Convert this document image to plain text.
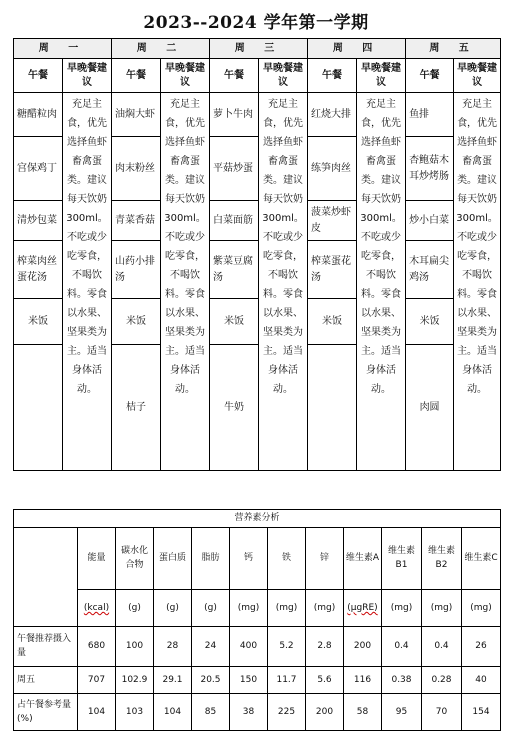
2023--2024 学年第一学期
周 一		周 二		周 三		周 四		周 五	
午餐	早晚餐建议	午餐	早晚餐建议	午餐	早晚餐建议	午餐	早晚餐建议	午餐	早晚餐建议
糖醋粒肉	充足主食，优先选择鱼虾畜禽蛋类。建议每天饮奶300ml。不吃或少吃零食，不喝饮料。零食以水果、坚果类为主。适当身体活动。	油焖大虾	充足主食，优先选择鱼虾畜禽蛋类。建议每天饮奶300ml。不吃或少吃零食，不喝饮料。零食以水果、坚果类为主。适当身体活动。	萝卜牛肉	充足主食，优先选择鱼虾畜禽蛋类。建议每天饮奶300ml。不吃或少吃零食，不喝饮料。零食以水果、坚果类为主。适当身体活动。	红烧大排	充足主食，优先选择鱼虾畜禽蛋类。建议每天饮奶300ml。不吃或少吃零食，不喝饮料。零食以水果、坚果类为主。适当身体活动。	鱼排	充足主食，优先选择鱼虾畜禽蛋类。建议每天饮奶300ml。不吃或少吃零食，不喝饮料。零食以水果、坚果类为主。适当身体活动。
宫保鸡丁		肉末粉丝		平菇炒蛋		练笋肉丝		杏鲍菇木耳炒烤肠	
清炒包菜		青菜香菇		白菜面筋		菠菜炒虾皮		炒小白菜	
榨菜肉丝蛋花汤		山药小排汤		紫菜豆腐汤		榨菜蛋花汤		木耳扁尖鸡汤	
米饭		米饭		米饭		米饭		米饭	
		桔子		牛奶				肉圆	
营养素分析											
	能量	碳水化合物	蛋白质	脂肪	钙	铁	锌	维生素A	维生素B1	维生素B2	维生素C
	(kcal)	(g)	(g)	(g)	(mg)	(mg)	(mg)	(μgRE)	(mg)	(mg)	(mg)
午餐推荐摄入量	680	100	28	24	400	5.2	2.8	200	0.4	0.4	26
周五	707	102.9	29.1	20.5	150	11.7	5.6	116	0.38	0.28	40
占午餐参考量(%)	104	103	104	85	38	225	200	58	95	70	154
